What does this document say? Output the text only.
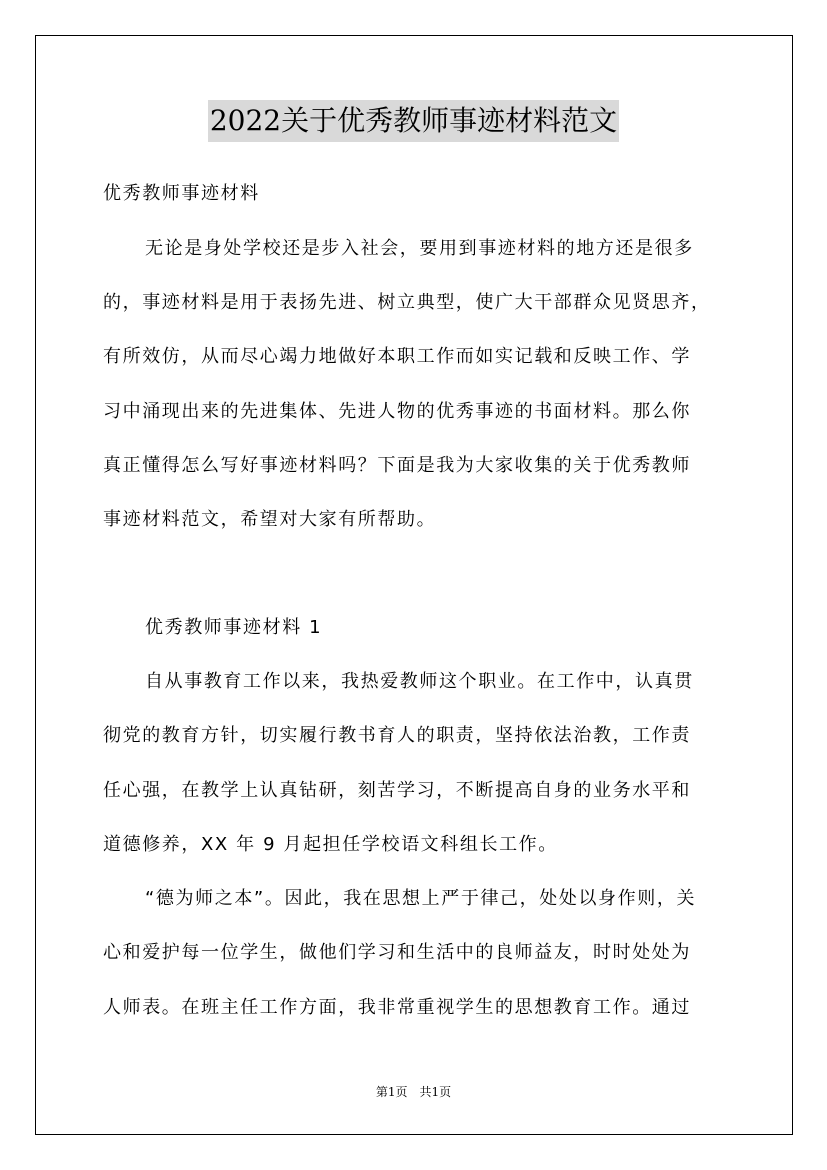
2022关于优秀教师事迹材料范文
优秀教师事迹材料
无论是身处学校还是步入社会，要用到事迹材料的地方还是很多
的，事迹材料是用于表扬先进、树立典型，使广大干部群众见贤思齐，
有所效仿，从而尽心竭力地做好本职工作而如实记载和反映工作、学
习中涌现出来的先进集体、先进人物的优秀事迹的书面材料。那么你
真正懂得怎么写好事迹材料吗？下面是我为大家收集的关于优秀教师
事迹材料范文，希望对大家有所帮助。
优秀教师事迹材料 1
自从事教育工作以来，我热爱教师这个职业。在工作中，认真贯
彻党的教育方针，切实履行教书育人的职责，坚持依法治教，工作责
任心强，在教学上认真钻研，刻苦学习，不断提高自身的业务水平和
道德修养，XX 年 9 月起担任学校语文科组长工作。
“德为师之本”。因此，我在思想上严于律己，处处以身作则，关
心和爱护每一位学生，做他们学习和生活中的良师益友，时时处处为
人师表。在班主任工作方面，我非常重视学生的思想教育工作。通过
第1页 共1页
